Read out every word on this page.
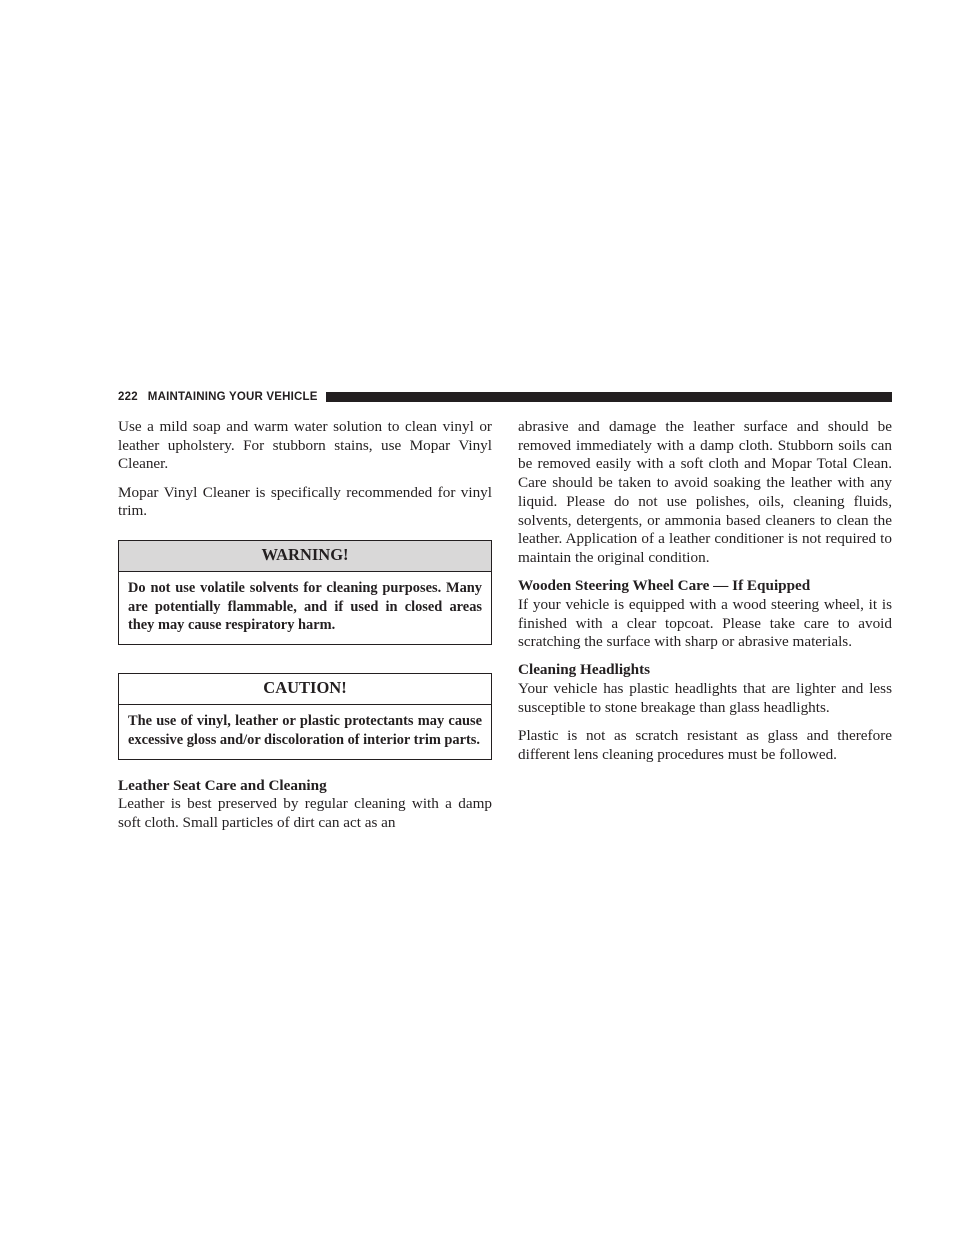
222 MAINTAINING YOUR VEHICLE

Use a mild soap and warm water solution to clean vinyl or leather upholstery. For stubborn stains, use Mopar Vinyl Cleaner.

Mopar Vinyl Cleaner is specifically recommended for vinyl trim.

WARNING!
Do not use volatile solvents for cleaning purposes. Many are potentially flammable, and if used in closed areas they may cause respiratory harm.
CAUTION!
The use of vinyl, leather or plastic protectants may cause excessive gloss and/or discoloration of interior trim parts.
Leather Seat Care and Cleaning

Leather is best preserved by regular cleaning with a damp soft cloth. Small particles of dirt can act as an

abrasive and damage the leather surface and should be removed immediately with a damp cloth. Stubborn soils can be removed easily with a soft cloth and Mopar Total Clean. Care should be taken to avoid soaking the leather with any liquid. Please do not use polishes, oils, cleaning fluids, solvents, detergents, or ammonia based cleaners to clean the leather. Application of a leather conditioner is not required to maintain the original condition.

Wooden Steering Wheel Care — If Equipped

If your vehicle is equipped with a wood steering wheel, it is finished with a clear topcoat. Please take care to avoid scratching the surface with sharp or abrasive materials.

Cleaning Headlights

Your vehicle has plastic headlights that are lighter and less susceptible to stone breakage than glass headlights.

Plastic is not as scratch resistant as glass and therefore different lens cleaning procedures must be followed.
